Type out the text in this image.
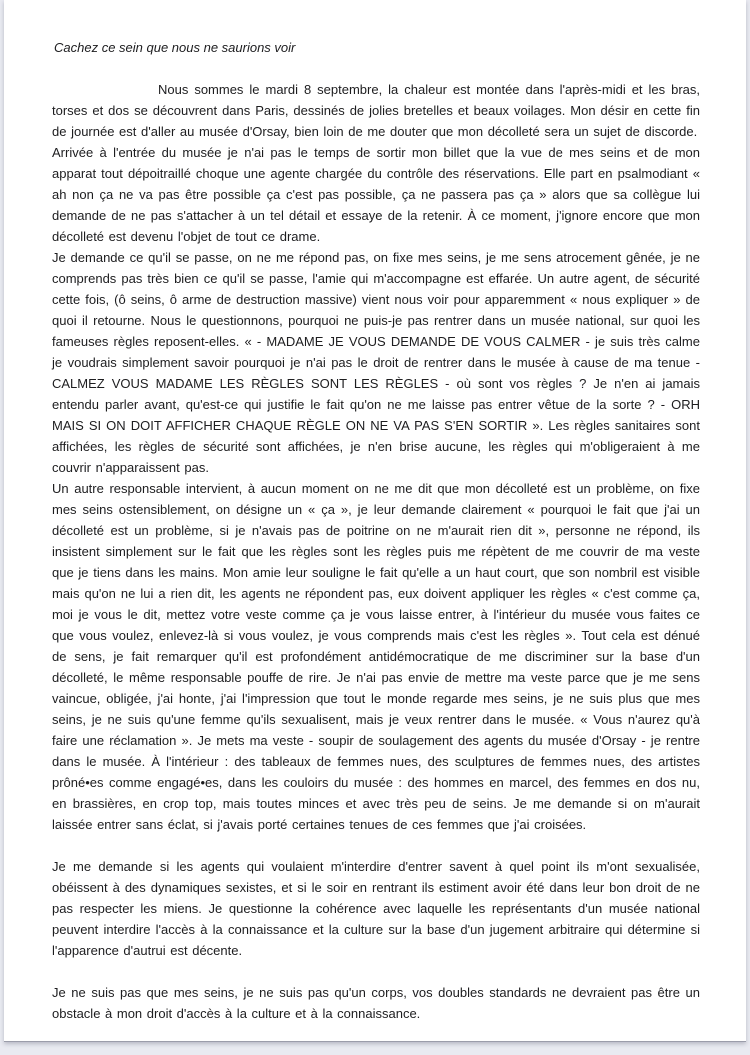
Cachez ce sein que nous ne saurions voir

Nous sommes le mardi 8 septembre, la chaleur est montée dans l'après-midi et les bras, torses et dos se découvrent dans Paris, dessinés de jolies bretelles et beaux voilages. Mon désir en cette fin de journée est d'aller au musée d'Orsay, bien loin de me douter que mon décolleté sera un sujet de discorde.

Arrivée à l'entrée du musée je n'ai pas le temps de sortir mon billet que la vue de mes seins et de mon apparat tout dépoitraillé choque une agente chargée du contrôle des réservations. Elle part en psalmodiant « ah non ça ne va pas être possible ça c'est pas possible, ça ne passera pas ça » alors que sa collègue lui demande de ne pas s'attacher à un tel détail et essaye de la retenir. À ce moment, j'ignore encore que mon décolleté est devenu l'objet de tout ce drame.

Je demande ce qu'il se passe, on ne me répond pas, on fixe mes seins, je me sens atrocement gênée, je ne comprends pas très bien ce qu'il se passe, l'amie qui m'accompagne est effarée. Un autre agent, de sécurité cette fois, (ô seins, ô arme de destruction massive) vient nous voir pour apparemment « nous expliquer » de quoi il retourne. Nous le questionnons, pourquoi ne puis-je pas rentrer dans un musée national, sur quoi les fameuses règles reposent-elles. « - MADAME JE VOUS DEMANDE DE VOUS CALMER - je suis très calme je voudrais simplement savoir pourquoi je n'ai pas le droit de rentrer dans le musée à cause de ma tenue - CALMEZ VOUS MADAME LES RÈGLES SONT LES RÈGLES - où sont vos règles ? Je n'en ai jamais entendu parler avant, qu'est-ce qui justifie le fait qu'on ne me laisse pas entrer vêtue de la sorte ? - ORH MAIS SI ON DOIT AFFICHER CHAQUE RÈGLE ON NE VA PAS S'EN SORTIR ». Les règles sanitaires sont affichées, les règles de sécurité sont affichées, je n'en brise aucune, les règles qui m'obligeraient à me couvrir n'apparaissent pas.

Un autre responsable intervient, à aucun moment on ne me dit que mon décolleté est un problème, on fixe mes seins ostensiblement, on désigne un « ça », je leur demande clairement « pourquoi le fait que j'ai un décolleté est un problème, si je n'avais pas de poitrine on ne m'aurait rien dit », personne ne répond, ils insistent simplement sur le fait que les règles sont les règles puis me répètent de me couvrir de ma veste que je tiens dans les mains. Mon amie leur souligne le fait qu'elle a un haut court, que son nombril est visible mais qu'on ne lui a rien dit, les agents ne répondent pas, eux doivent appliquer les règles « c'est comme ça, moi je vous le dit, mettez votre veste comme ça je vous laisse entrer, à l'intérieur du musée vous faites ce que vous voulez, enlevez-là si vous voulez, je vous comprends mais c'est les règles ». Tout cela est dénué de sens, je fait remarquer qu'il est profondément antidémocratique de me discriminer sur la base d'un décolleté, le même responsable pouffe de rire. Je n'ai pas envie de mettre ma veste parce que je me sens vaincue, obligée, j'ai honte, j'ai l'impression que tout le monde regarde mes seins, je ne suis plus que mes seins, je ne suis qu'une femme qu'ils sexualisent, mais je veux rentrer dans le musée. « Vous n'aurez qu'à faire une réclamation ». Je mets ma veste - soupir de soulagement des agents du musée d'Orsay - je rentre dans le musée. À l'intérieur : des tableaux de femmes nues, des sculptures de femmes nues, des artistes prôné•es comme engagé•es, dans les couloirs du musée : des hommes en marcel, des femmes en dos nu, en brassières, en crop top, mais toutes minces et avec très peu de seins. Je me demande si on m'aurait laissée entrer sans éclat, si j'avais porté certaines tenues de ces femmes que j'ai croisées.

Je me demande si les agents qui voulaient m'interdire d'entrer savent à quel point ils m'ont sexualisée, obéissent à des dynamiques sexistes, et si le soir en rentrant ils estiment avoir été dans leur bon droit de ne pas respecter les miens. Je questionne la cohérence avec laquelle les représentants d'un musée national peuvent interdire l'accès à la connaissance et la culture sur la base d'un jugement arbitraire qui détermine si l'apparence d'autrui est décente.

Je ne suis pas que mes seins, je ne suis pas qu'un corps, vos doubles standards ne devraient pas être un obstacle à mon droit d'accès à la culture et à la connaissance.
